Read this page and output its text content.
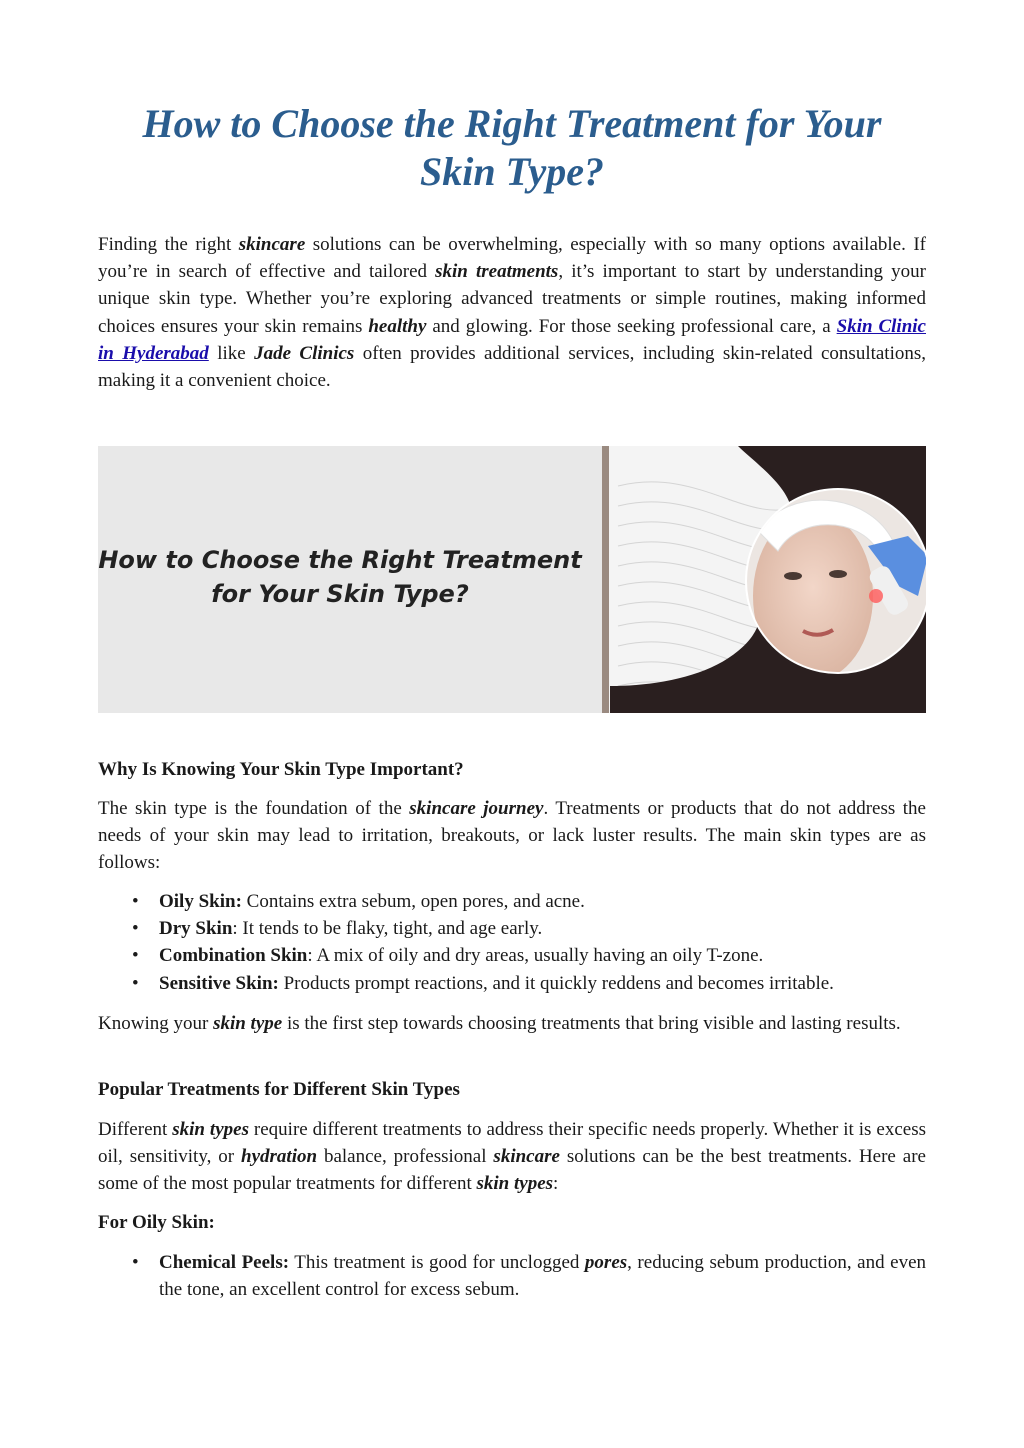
How to Choose the Right Treatment for Your
Skin Type?

Finding the right skincare solutions can be overwhelming, especially with so many options available. If you’re in search of effective and tailored skin treatments, it’s important to start by understanding your unique skin type. Whether you’re exploring advanced treatments or simple routines, making informed choices ensures your skin remains healthy and glowing. For those seeking professional care, a Skin Clinic in Hyderabad like Jade Clinics often provides additional services, including skin-related consultations, making it a convenient choice.

How to Choose the Right Treatment
for Your Skin Type?
Why Is Knowing Your Skin Type Important?

The skin type is the foundation of the skincare journey. Treatments or products that do not address the needs of your skin may lead to irritation, breakouts, or lack luster results. The main skin types are as follows:

• Oily Skin: Contains extra sebum, open pores, and acne.
• Dry Skin: It tends to be flaky, tight, and age early.
• Combination Skin: A mix of oily and dry areas, usually having an oily T-zone.
• Sensitive Skin: Products prompt reactions, and it quickly reddens and becomes irritable.

Knowing your skin type is the first step towards choosing treatments that bring visible and lasting results.

Popular Treatments for Different Skin Types

Different skin types require different treatments to address their specific needs properly. Whether it is excess oil, sensitivity, or hydration balance, professional skincare solutions can be the best treatments. Here are some of the most popular treatments for different skin types:

For Oily Skin:
• Chemical Peels: This treatment is good for unclogged pores, reducing sebum production, and even the tone, an excellent control for excess sebum.
